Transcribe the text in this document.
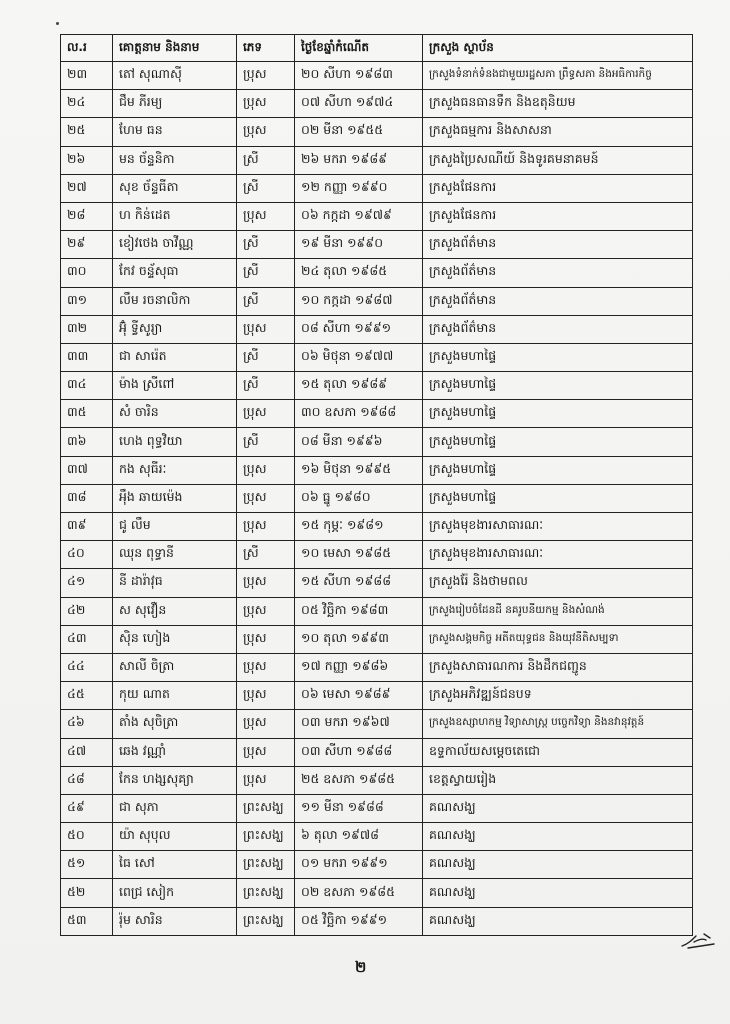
ល.រ	គោត្តនាម និងនាម	ភេទ	ថ្ងៃខែឆ្នាំកំណើត	ក្រសួង ស្ថាប័ន
២៣	តៅ សុណាសុី	ប្រុស	២០ សីហា ១៩៨៣	ក្រសួងទំនាក់ទំនងជាមួយរដ្ឋសភា ព្រឹទ្ធសភា និងអធិការកិច្ច
២៤	ជឹម ភីរម្យ	ប្រុស	០៧ សីហា ១៩៧៤	ក្រសួងធនធានទឹក និងឧតុនិយម
២៥	ហែម ធន	ប្រុស	០២ មីនា ១៩៥៥	ក្រសួងធម្មការ និងសាសនា
២៦	មន ច័ន្ទនិកា	ស្រី	២៦ មករា ១៩៨៩	ក្រសួងប្រៃសណីយ៍ និងទូរគមនាគមន៍
២៧	សុខ ច័ន្ទធីតា	ស្រី	១២ កញ្ញា ១៩៩០	ក្រសួងផែនការ
២៨	ហ កិន់ដេត	ប្រុស	០៦ កក្កដា ១៩៧៩	ក្រសួងផែនការ
២៩	ខៀវថេង ចាវីណ្ណ	ស្រី	១៩ មីនា ១៩៩០	ក្រសួងព័ត៌មាន
៣០	កែវ ចន្ទ័សុធា	ស្រី	២៤ តុលា ១៩៨៥	ក្រសួងព័ត៌មាន
៣១	លឹម រចនាលិកា	ស្រី	១០ កក្កដា ១៩៨៧	ក្រសួងព័ត៌មាន
៣២	អ៊ុំ ទ្វីសូរ្យា	ប្រុស	០៨ សីហា ១៩៩១	ក្រសួងព័ត៌មាន
៣៣	ជា សារ៉េត	ស្រី	០៦ មិថុនា ១៩៧៧	ក្រសួងមហាផ្ទៃ
៣៤	ម៉ាង ស្រីពៅ	ស្រី	១៥ តុលា ១៩៨៩	ក្រសួងមហាផ្ទៃ
៣៥	សំ ចារិន	ប្រុស	៣០ ឧសភា ១៩៨៨	ក្រសួងមហាផ្ទៃ
៣៦	ហេង ពុទ្ធវិយា	ស្រី	០៨ មីនា ១៩៩៦	ក្រសួងមហាផ្ទៃ
៣៧	កង សុធីរៈ	ប្រុស	១៦ មិថុនា ១៩៩៥	ក្រសួងមហាផ្ទៃ
៣៨	អុឹង ឆាយម៉េង	ប្រុស	០៦ ធ្នូ ១៩៨០	ក្រសួងមហាផ្ទៃ
៣៩	ជូ លឹម	ប្រុស	១៥ កុម្ភៈ ១៩៨១	ក្រសួងមុខងារសាធារណៈ
៤០	ឈុន ពុទ្ធានី	ស្រី	១០ មេសា ១៩៨៥	ក្រសួងមុខងារសាធារណៈ
៤១	នី ដារ៉ាវុធ	ប្រុស	១៥ សីហា ១៩៨៨	ក្រសួងរ៉ែ និងថាមពល
៤២	ស សុវឿន	ប្រុស	០៥ វិច្ឆិកា ១៩៨៣	ក្រសួងរៀបចំដែនដី នគរូបនីយកម្ម និងសំណង់
៤៣	ស៊ិន ហៀង	ប្រុស	១០ តុលា ១៩៩៣	ក្រសួងសង្គមកិច្ច អតីតយុទ្ធជន និងយុវនីតិសម្បទា
៤៤	សាលី ចិត្រា	ប្រុស	១៧ កញ្ញា ១៩៨៦	ក្រសួងសាធារណការ និងដឹកជញ្ជូន
៤៥	កុយ ណាត	ប្រុស	០៦ មេសា ១៩៨៩	ក្រសួងអភិវឌ្ឍន៍ជនបទ
៤៦	តាំង សុចិត្រា	ប្រុស	០៣ មករា ១៩៦៧	ក្រសួងឧស្សាហកម្ម វិទ្យាសាស្ត្រ បច្ចេកវិទ្យា និងនវានុវត្តន៍
៤៧	ឆេង វណ្ណាំ	ប្រុស	០៣ សីហា ១៩៨៨	ឧទ្ទកាល័យសម្តេចតេជោ
៤៨	កែន ហង្សសុគ្យា	ប្រុស	២៥ ឧសភា ១៩៨៥	ខេត្តស្វាយរៀង
៤៩	ជា សុភា	ព្រះសង្ឃ	១១ មីនា ១៩៨៨	គណសង្ឃ
៥០	យ៉ា សុបុល	ព្រះសង្ឃ	៦ តុលា ១៩៧៨	គណសង្ឃ
៥១	ធៃ សៅ	ព្រះសង្ឃ	០១ មករា ១៩៩១	គណសង្ឃ
៥២	ពេជ្រ សៀក	ព្រះសង្ឃ	០២ ឧសភា ១៩៨៥	គណសង្ឃ
៥៣	រ៉ុម សារិន	ព្រះសង្ឃ	០៥ វិច្ឆិកា ១៩៩១	គណសង្ឃ
២
